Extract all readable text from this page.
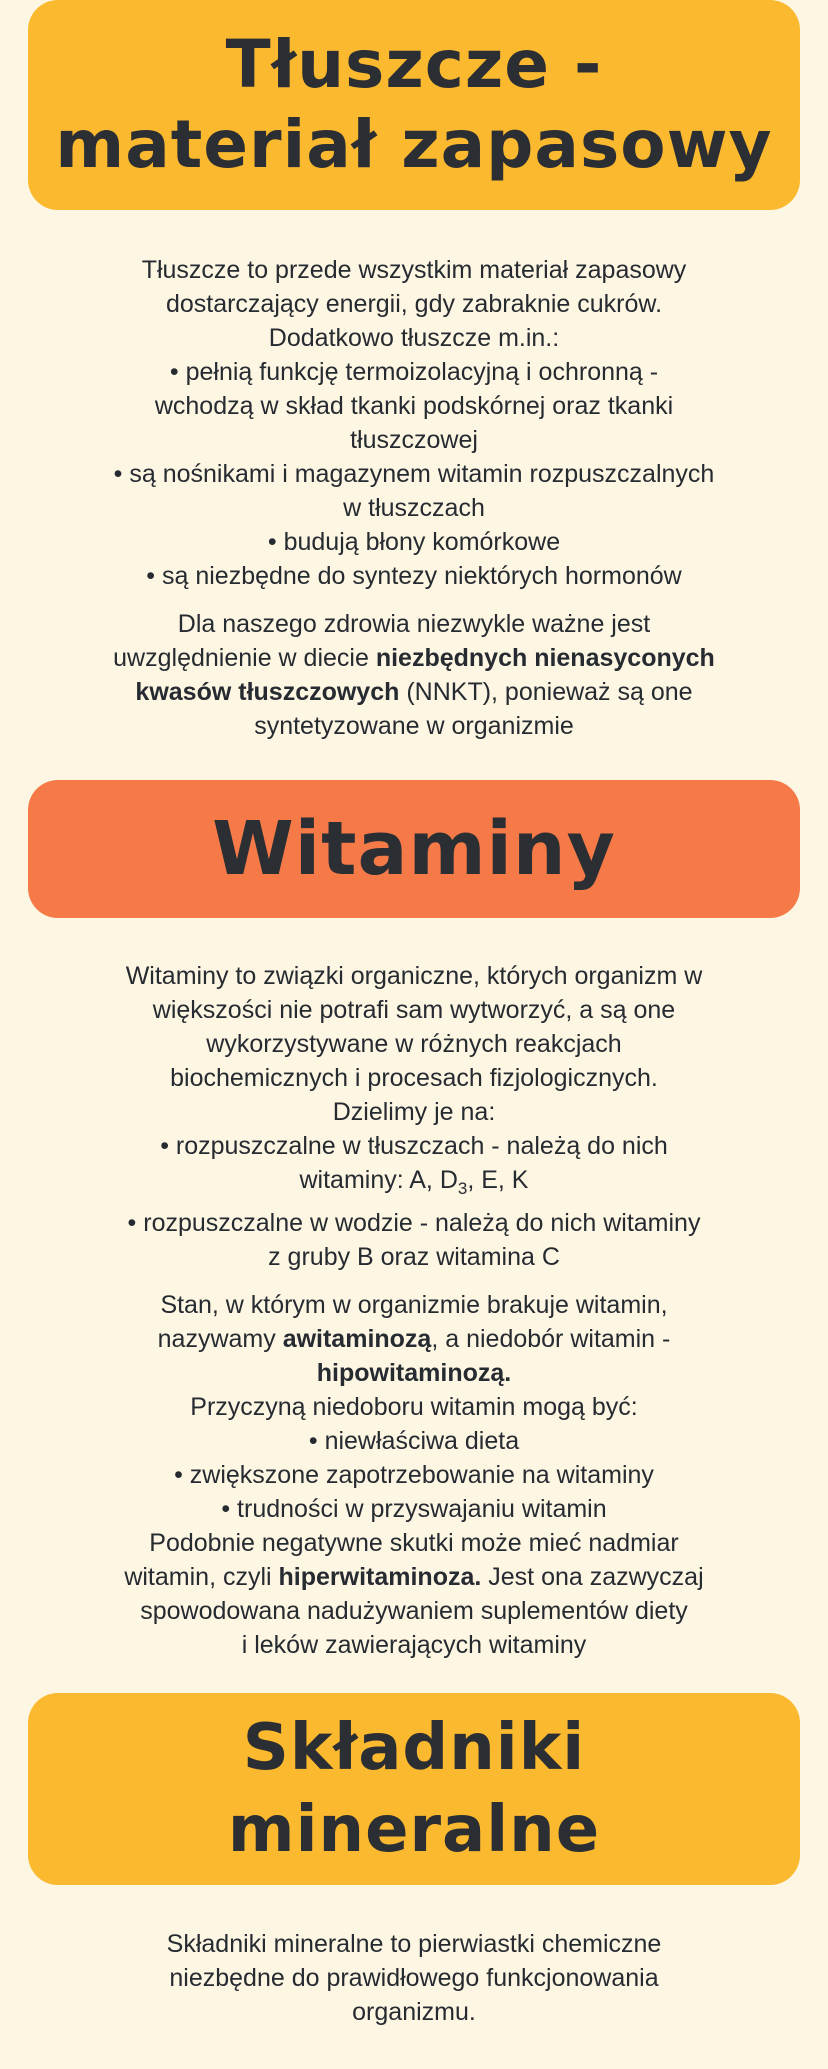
Tłuszcze -
materiał zapasowy

Tłuszcze to przede wszystkim materiał zapasowy
dostarczający energii, gdy zabraknie cukrów.
Dodatkowo tłuszcze m.in.:
• pełnią funkcję termoizolacyjną i ochronną -
wchodzą w skład tkanki podskórnej oraz tkanki
tłuszczowej
• są nośnikami i magazynem witamin rozpuszczalnych
w tłuszczach
• budują błony komórkowe
• są niezbędne do syntezy niektórych hormonów

Dla naszego zdrowia niezwykle ważne jest
uwzględnienie w diecie niezbędnych nienasyconych
kwasów tłuszczowych (NNKT), ponieważ są one
syntetyzowane w organizmie

Witaminy

Witaminy to związki organiczne, których organizm w
większości nie potrafi sam wytworzyć, a są one
wykorzystywane w różnych reakcjach
biochemicznych i procesach fizjologicznych.
Dzielimy je na:
• rozpuszczalne w tłuszczach - należą do nich
witaminy: A, $D_3$, E, K
• rozpuszczalne w wodzie - należą do nich witaminy
z gruby B oraz witamina C

Stan, w którym w organizmie brakuje witamin,
nazywamy awitaminozą, a niedobór witamin -
hipowitaminozą.
Przyczyną niedoboru witamin mogą być:
• niewłaściwa dieta
• zwiększone zapotrzebowanie na witaminy
• trudności w przyswajaniu witamin
Podobnie negatywne skutki może mieć nadmiar
witamin, czyli hiperwitaminoza. Jest ona zazwyczaj
spowodowana nadużywaniem suplementów diety
i leków zawierających witaminy

Składniki
mineralne

Składniki mineralne to pierwiastki chemiczne
niezbędne do prawidłowego funkcjonowania
organizmu.
